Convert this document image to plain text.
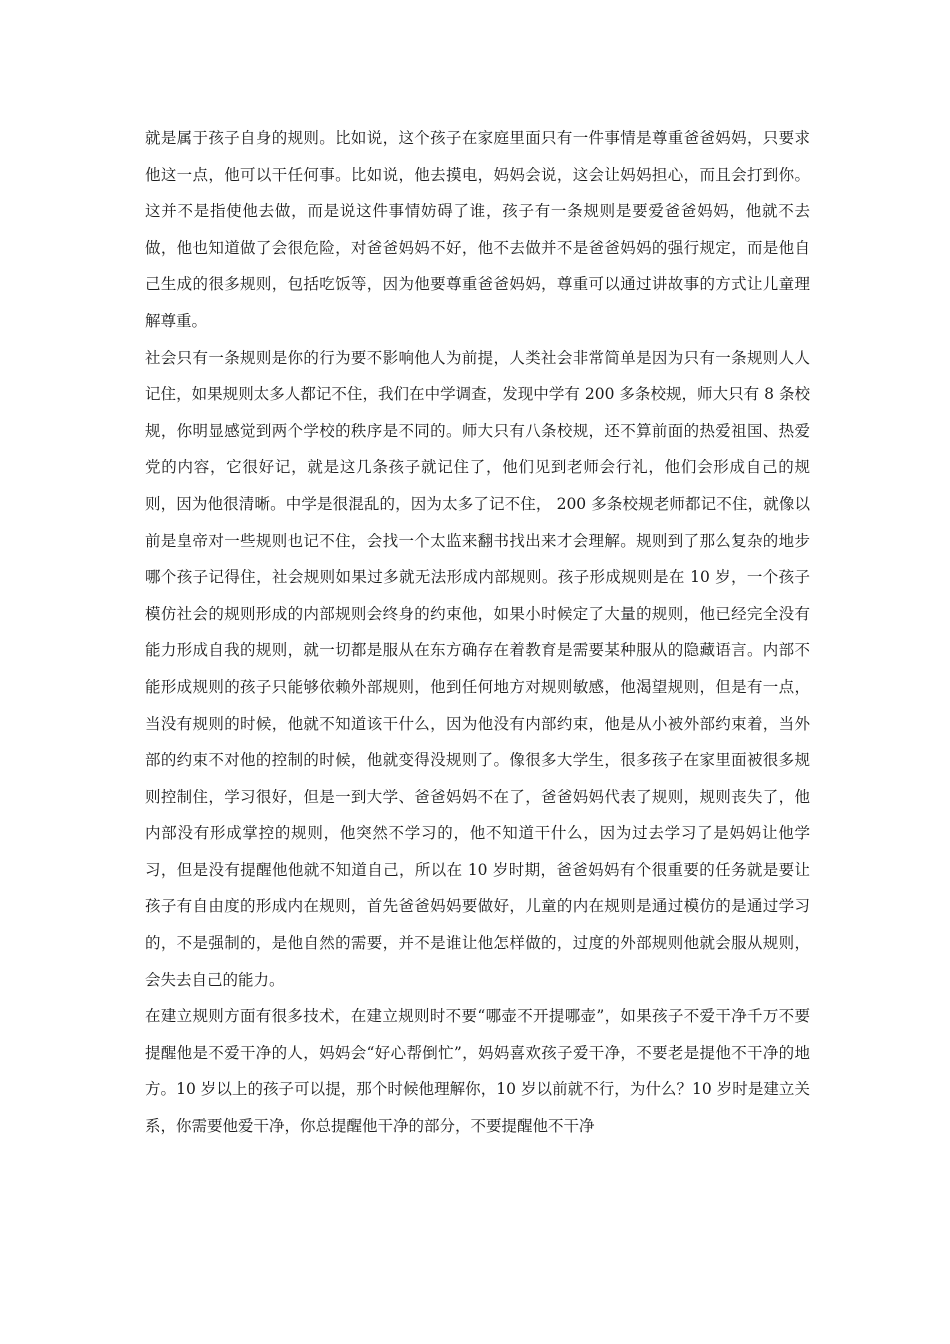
就是属于孩子自身的规则。比如说，这个孩子在家庭里面只有一件事情是尊重爸爸妈妈，只要求他这一点，他可以干任何事。比如说，他去摸电，妈妈会说，这会让妈妈担心，而且会打到你。这并不是指使他去做，而是说这件事情妨碍了谁，孩子有一条规则是要爱爸爸妈妈，他就不去做，他也知道做了会很危险，对爸爸妈妈不好，他不去做并不是爸爸妈妈的强行规定，而是他自己生成的很多规则，包括吃饭等，因为他要尊重爸爸妈妈，尊重可以通过讲故事的方式让儿童理解尊重。

社会只有一条规则是你的行为要不影响他人为前提，人类社会非常简单是因为只有一条规则人人记住，如果规则太多人都记不住，我们在中学调查，发现中学有 200 多条校规，师大只有 8 条校规，你明显感觉到两个学校的秩序是不同的。师大只有八条校规，还不算前面的热爱祖国、热爱党的内容，它很好记，就是这几条孩子就记住了，他们见到老师会行礼，他们会形成自己的规则，因为他很清晰。中学是很混乱的，因为太多了记不住， 200 多条校规老师都记不住，就像以前是皇帝对一些规则也记不住，会找一个太监来翻书找出来才会理解。规则到了那么复杂的地步哪个孩子记得住，社会规则如果过多就无法形成内部规则。孩子形成规则是在 10 岁，一个孩子模仿社会的规则形成的内部规则会终身的约束他，如果小时候定了大量的规则，他已经完全没有能力形成自我的规则，就一切都是服从在东方确存在着教育是需要某种服从的隐藏语言。内部不能形成规则的孩子只能够依赖外部规则，他到任何地方对规则敏感，他渴望规则，但是有一点，当没有规则的时候，他就不知道该干什么，因为他没有内部约束，他是从小被外部约束着，当外部的约束不对他的控制的时候，他就变得没规则了。像很多大学生，很多孩子在家里面被很多规则控制住，学习很好，但是一到大学、爸爸妈妈不在了，爸爸妈妈代表了规则，规则丧失了，他内部没有形成掌控的规则，他突然不学习的，他不知道干什么，因为过去学习了是妈妈让他学习，但是没有提醒他他就不知道自己，所以在 10 岁时期，爸爸妈妈有个很重要的任务就是要让孩子有自由度的形成内在规则，首先爸爸妈妈要做好，儿童的内在规则是通过模仿的是通过学习的，不是强制的，是他自然的需要，并不是谁让他怎样做的，过度的外部规则他就会服从规则，会失去自己的能力。

在建立规则方面有很多技术，在建立规则时不要“哪壶不开提哪壶”，如果孩子不爱干净千万不要提醒他是不爱干净的人，妈妈会“好心帮倒忙”，妈妈喜欢孩子爱干净，不要老是提他不干净的地方。10 岁以上的孩子可以提，那个时候他理解你，10 岁以前就不行，为什么？10 岁时是建立关系，你需要他爱干净，你总提醒他干净的部分，不要提醒他不干净
